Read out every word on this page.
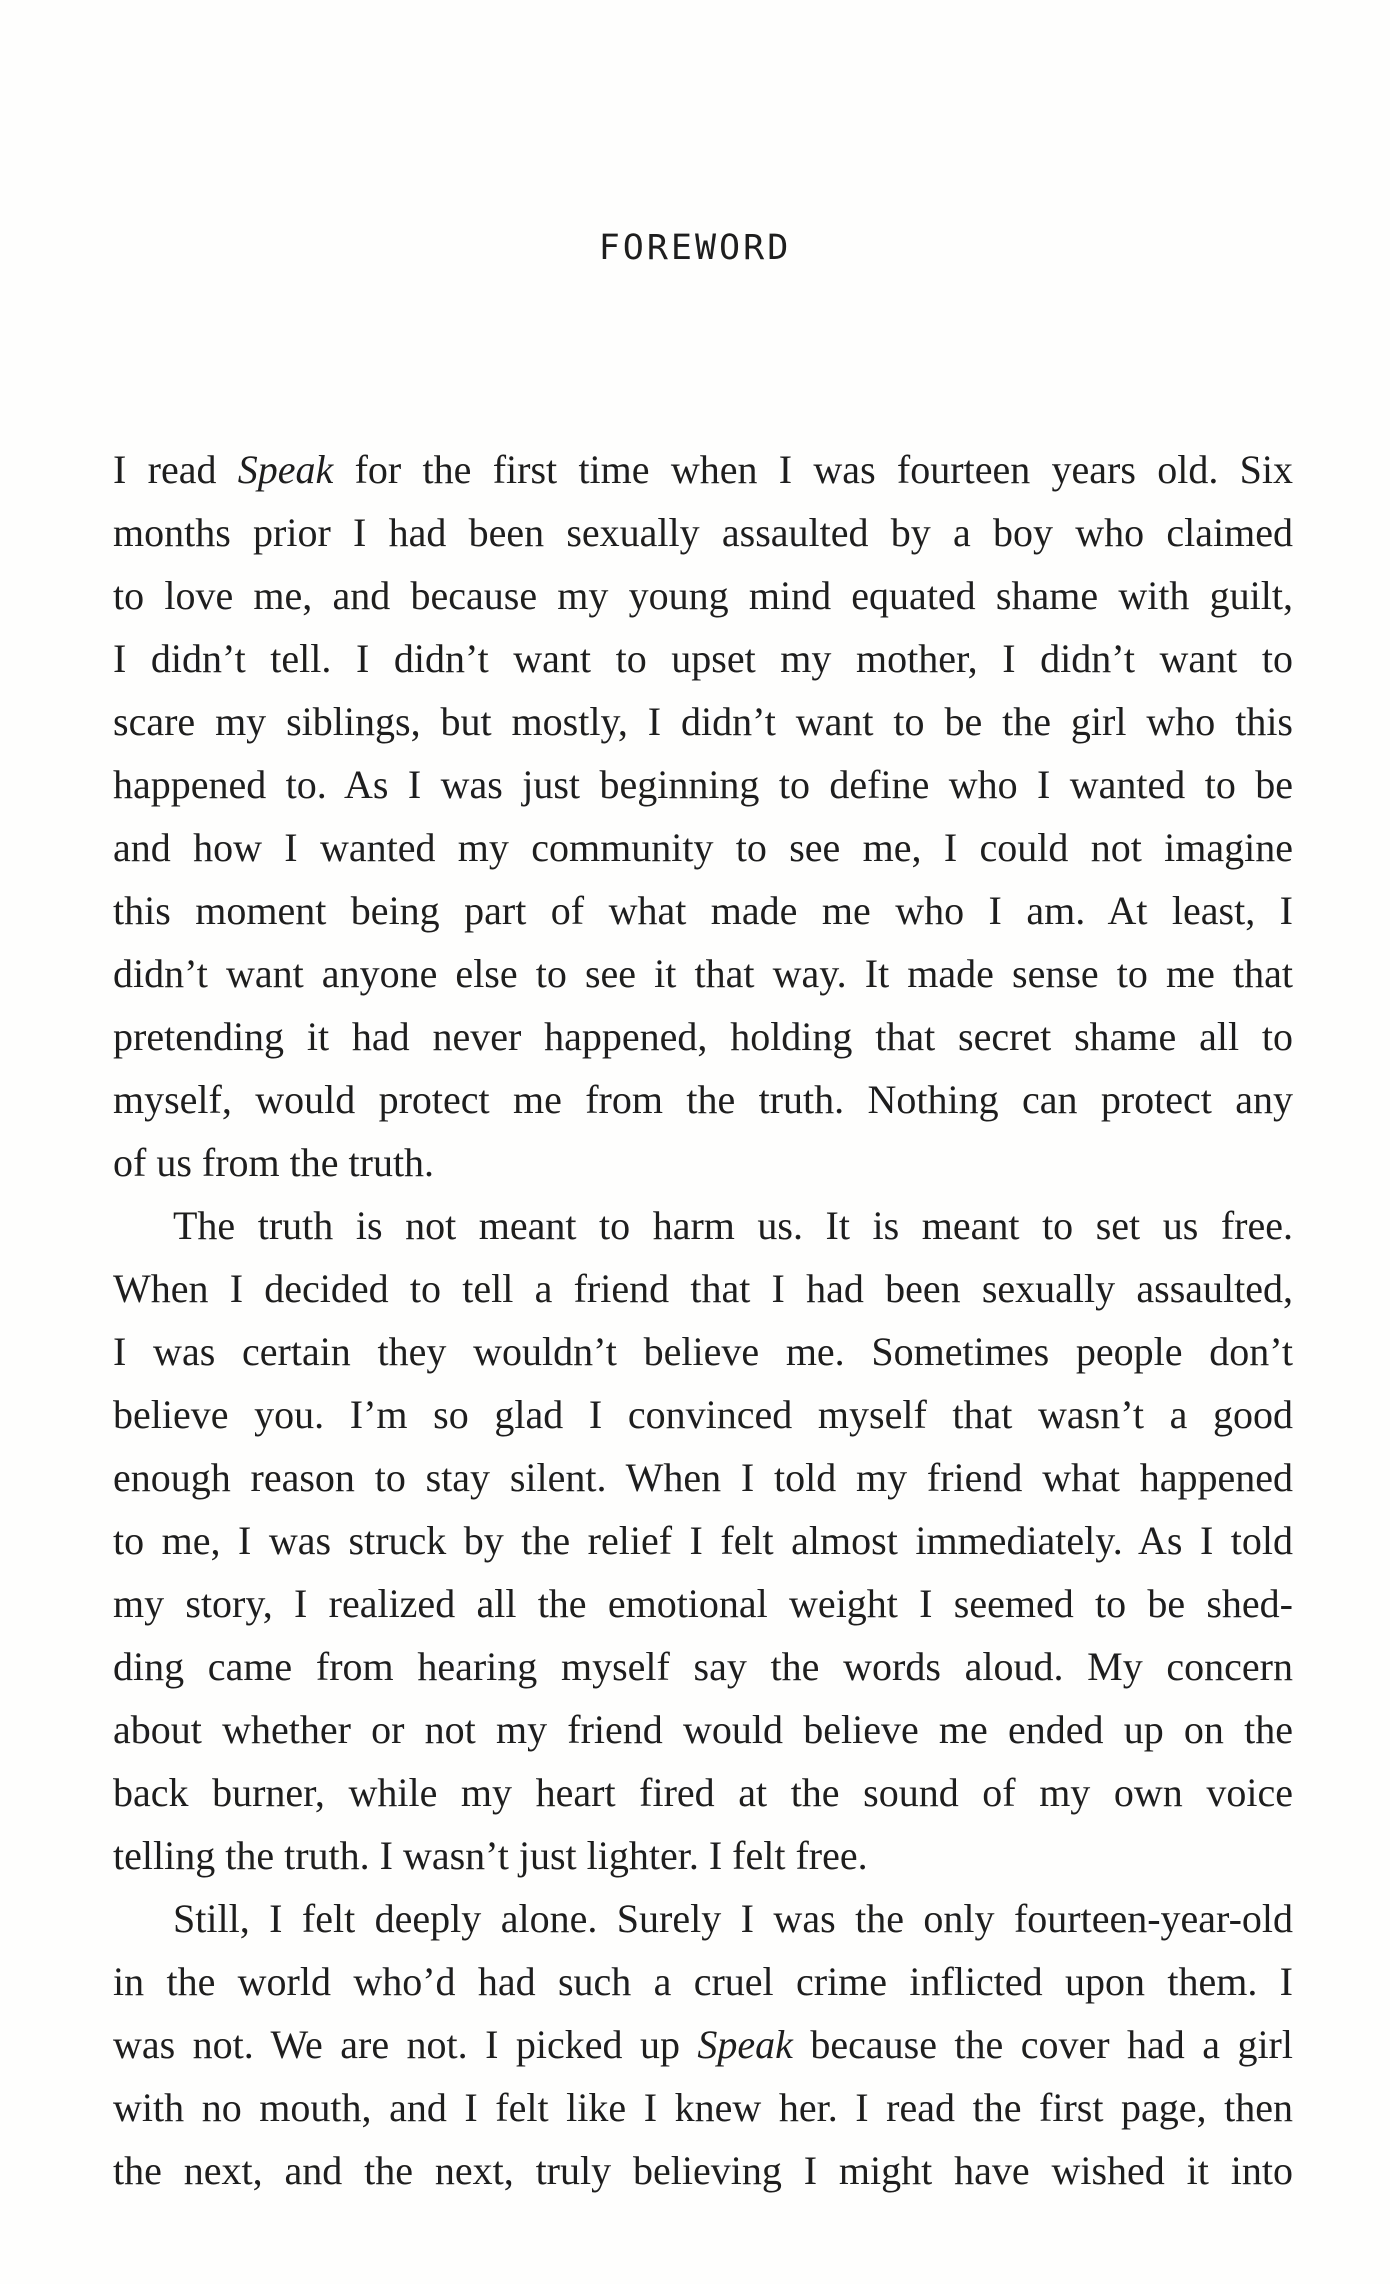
FOREWORD
I read Speak for the first time when I was fourteen years old. Six
months prior I had been sexually assaulted by a boy who claimed
to love me, and because my young mind equated shame with guilt,
I didn’t tell. I didn’t want to upset my mother, I didn’t want to
scare my siblings, but mostly, I didn’t want to be the girl who this
happened to. As I was just beginning to define who I wanted to be
and how I wanted my community to see me, I could not imagine
this moment being part of what made me who I am. At least, I
didn’t want anyone else to see it that way. It made sense to me that
pretending it had never happened, holding that secret shame all to
myself, would protect me from the truth. Nothing can protect any
of us from the truth.
The truth is not meant to harm us. It is meant to set us free.
When I decided to tell a friend that I had been sexually assaulted,
I was certain they wouldn’t believe me. Sometimes people don’t
believe you. I’m so glad I convinced myself that wasn’t a good
enough reason to stay silent. When I told my friend what happened
to me, I was struck by the relief I felt almost immediately. As I told
my story, I realized all the emotional weight I seemed to be shed-
ding came from hearing myself say the words aloud. My concern
about whether or not my friend would believe me ended up on the
back burner, while my heart fired at the sound of my own voice
telling the truth. I wasn’t just lighter. I felt free.
Still, I felt deeply alone. Surely I was the only fourteen-year-old
in the world who’d had such a cruel crime inflicted upon them. I
was not. We are not. I picked up Speak because the cover had a girl
with no mouth, and I felt like I knew her. I read the first page, then
the next, and the next, truly believing I might have wished it into
